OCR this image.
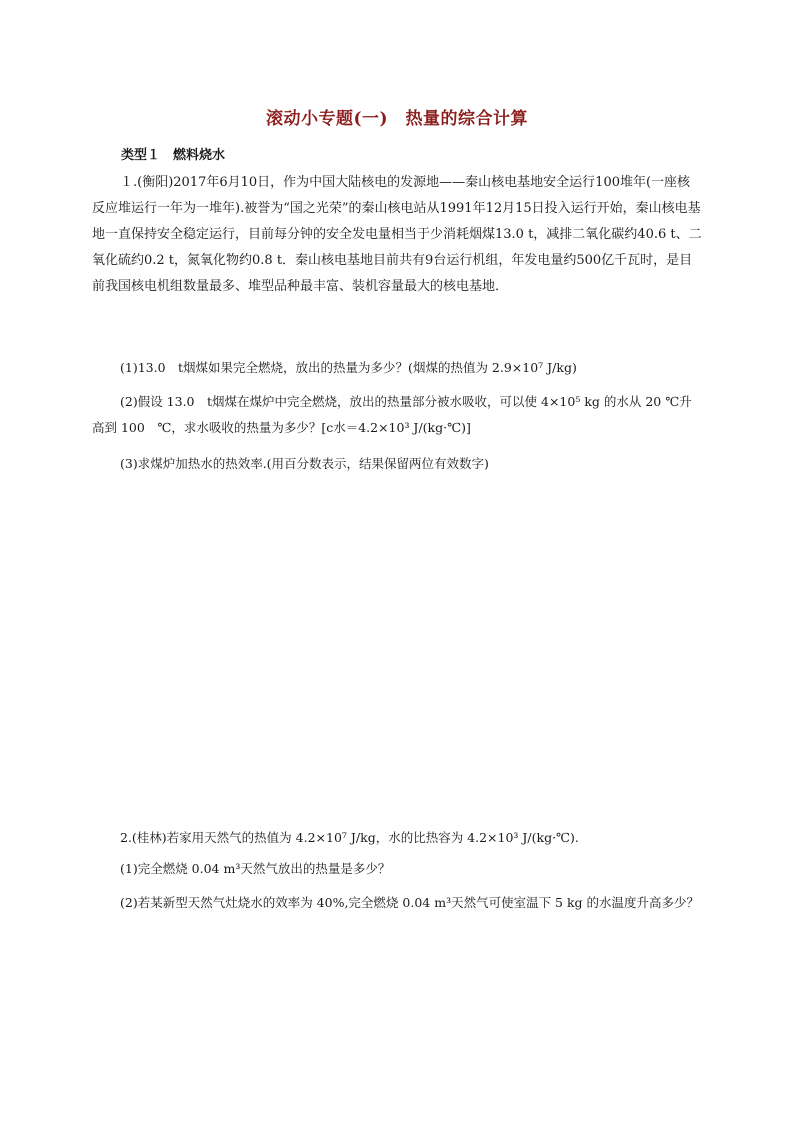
滚动小专题(一)　热量的综合计算
类型１　燃料烧水
１.(衡阳)2017年6月10日，作为中国大陆核电的发源地——秦山核电基地安全运行100堆年(一座核反应堆运行一年为一堆年).被誉为“国之光荣”的秦山核电站从1991年12月15日投入运行开始，秦山核电基地一直保持安全稳定运行，目前每分钟的安全发电量相当于少消耗烟煤13.0 t，减排二氧化碳约40.6 t、二氧化硫约0.2 t，氮氧化物约0.8 t．秦山核电基地目前共有9台运行机组，年发电量约500亿千瓦时，是目前我国核电机组数量最多、堆型品种最丰富、装机容量最大的核电基地．
(1)13.0　t烟煤如果完全燃烧，放出的热量为多少？(烟煤的热值为 2.9×10⁷ J/kg)
(2)假设 13.0　t烟煤在煤炉中完全燃烧，放出的热量部分被水吸收，可以使 4×10⁵ kg 的水从 20 ℃升高到 100　℃，求水吸收的热量为多少？[c水＝4.2×10³ J/(kg·℃)]
(3)求煤炉加热水的热效率.(用百分数表示，结果保留两位有效数字)
2.(桂林)若家用天然气的热值为 4.2×10⁷ J/kg，水的比热容为 4.2×10³ J/(kg·℃).
(1)完全燃烧 0.04 m³天然气放出的热量是多少？
(2)若某新型天然气灶烧水的效率为 40%,完全燃烧 0.04 m³天然气可使室温下 5 kg 的水温度升高多少？
